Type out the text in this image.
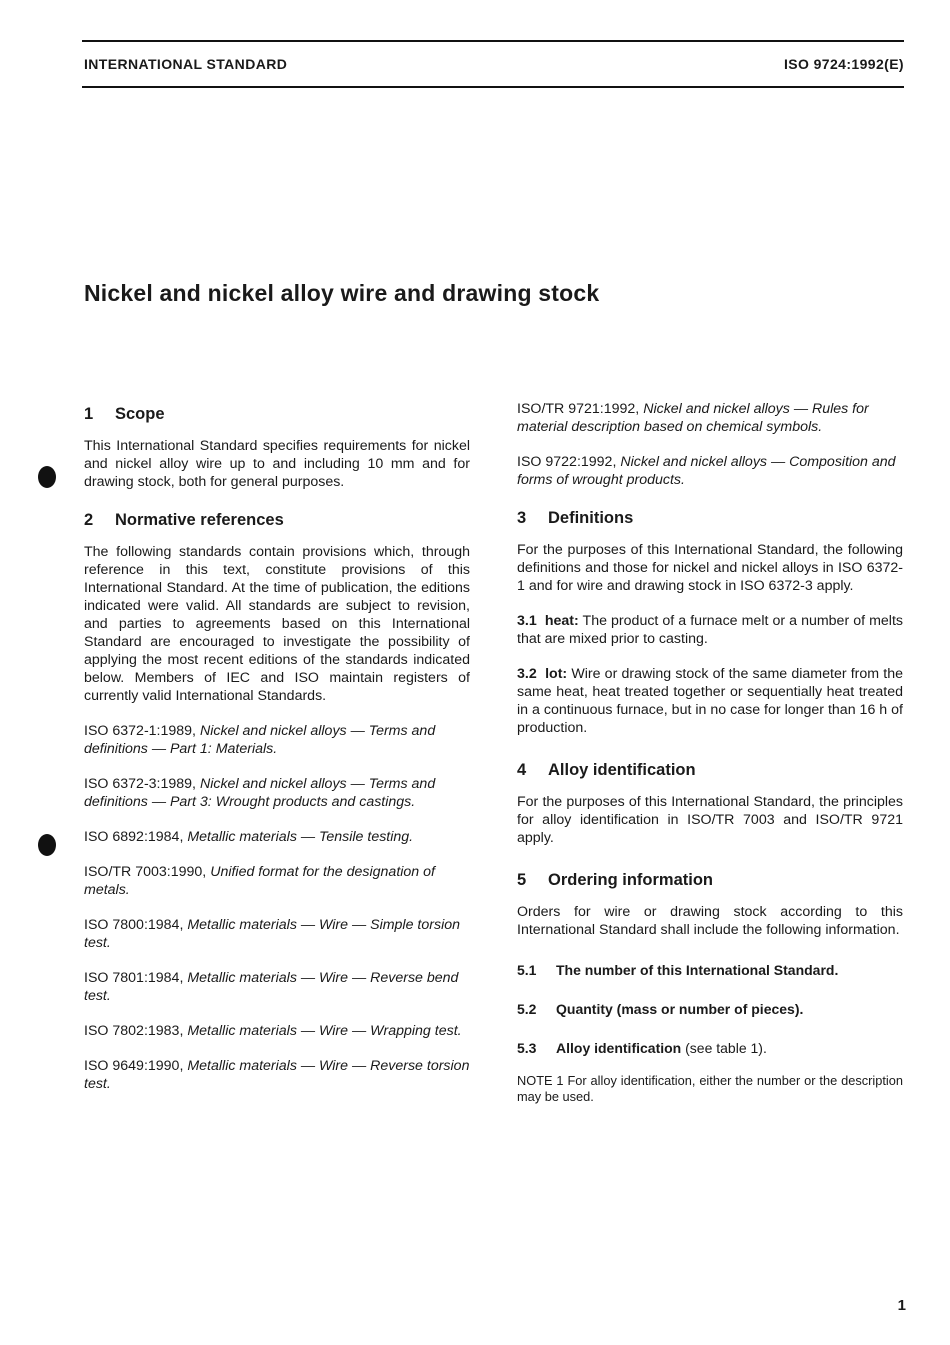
INTERNATIONAL STANDARD	ISO 9724:1992(E)
Nickel and nickel alloy wire and drawing stock
1 Scope

This International Standard specifies requirements for nickel and nickel alloy wire up to and including 10 mm and for drawing stock, both for general purposes.

2 Normative references

The following standards contain provisions which, through reference in this text, constitute provisions of this International Standard. At the time of publication, the editions indicated were valid. All standards are subject to revision, and parties to agreements based on this International Standard are encouraged to investigate the possibility of applying the most recent editions of the standards indicated below. Members of IEC and ISO maintain registers of currently valid International Standards.

ISO 6372-1:1989, Nickel and nickel alloys — Terms and definitions — Part 1: Materials.

ISO 6372-3:1989, Nickel and nickel alloys — Terms and definitions — Part 3: Wrought products and castings.

ISO 6892:1984, Metallic materials — Tensile testing.

ISO/TR 7003:1990, Unified format for the designation of metals.

ISO 7800:1984, Metallic materials — Wire — Simple torsion test.

ISO 7801:1984, Metallic materials — Wire — Reverse bend test.

ISO 7802:1983, Metallic materials — Wire — Wrapping test.

ISO 9649:1990, Metallic materials — Wire — Reverse torsion test.

ISO/TR 9721:1992, Nickel and nickel alloys — Rules for material description based on chemical symbols.

ISO 9722:1992, Nickel and nickel alloys — Composition and forms of wrought products.

3 Definitions

For the purposes of this International Standard, the following definitions and those for nickel and nickel alloys in ISO 6372-1 and for wire and drawing stock in ISO 6372-3 apply.

3.1 heat: The product of a furnace melt or a number of melts that are mixed prior to casting.

3.2 lot: Wire or drawing stock of the same diameter from the same heat, heat treated together or sequentially heat treated in a continuous furnace, but in no case for longer than 16 h of production.

4 Alloy identification

For the purposes of this International Standard, the principles for alloy identification in ISO/TR 7003 and ISO/TR 9721 apply.

5 Ordering information

Orders for wire or drawing stock according to this International Standard shall include the following information.

5.1 The number of this International Standard.
5.2 Quantity (mass or number of pieces).
5.3 Alloy identification (see table 1).

NOTE 1 For alloy identification, either the number or the description may be used.

1
